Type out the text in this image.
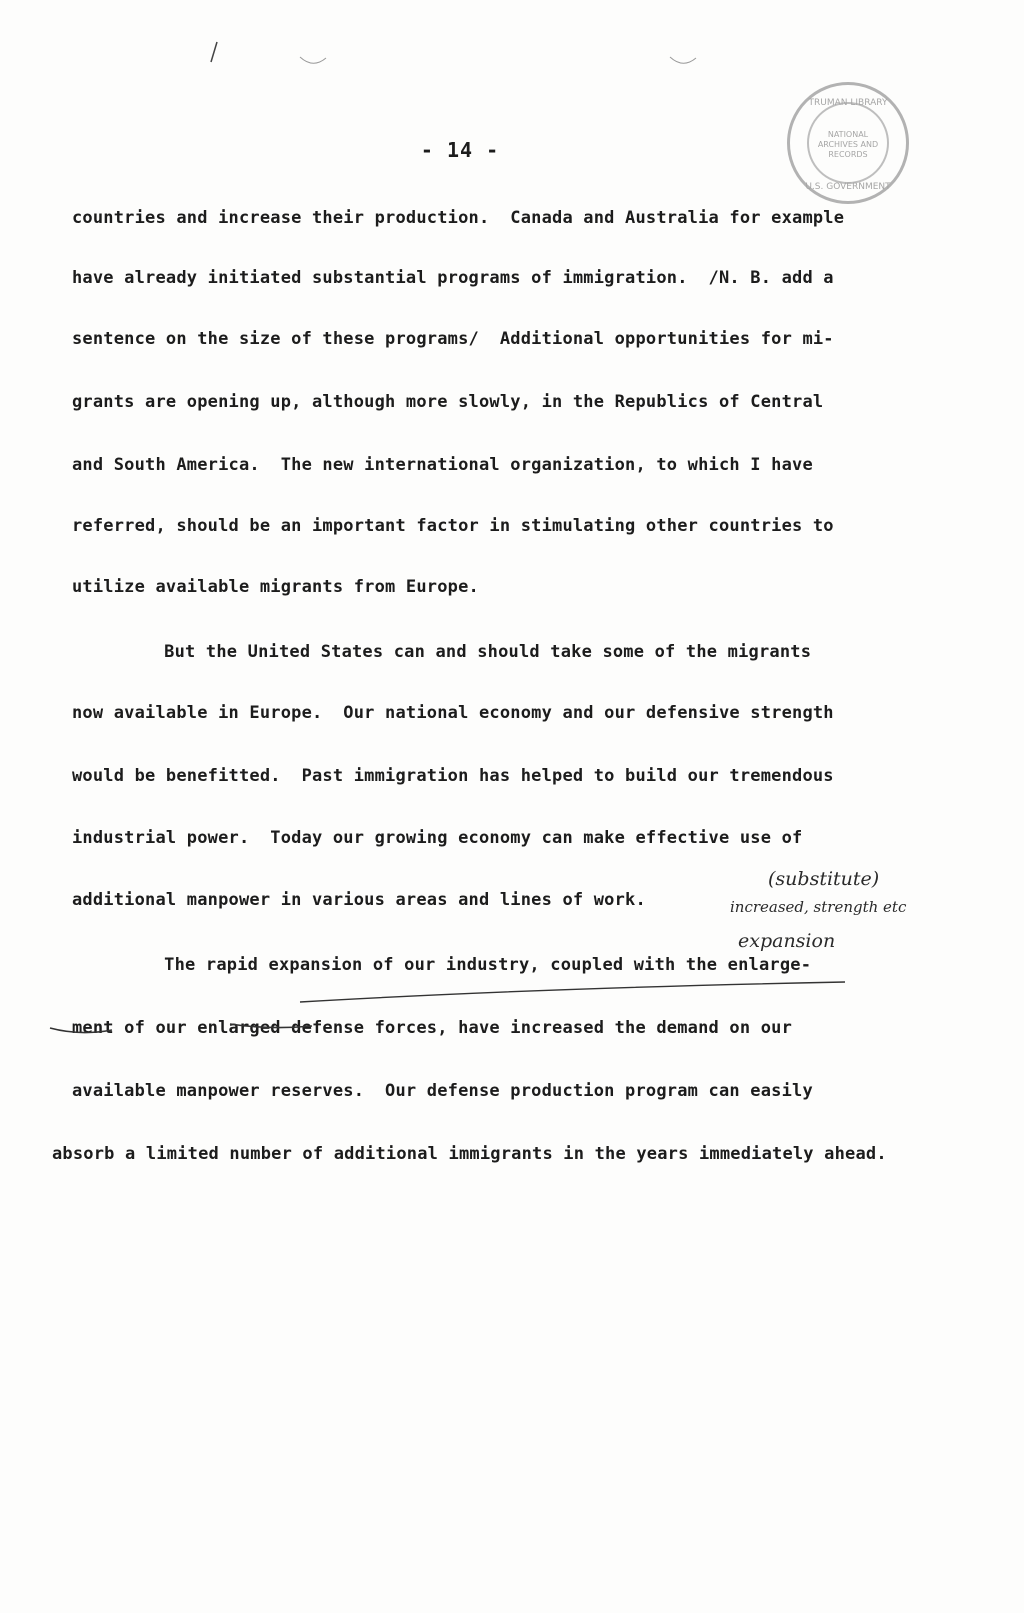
NATIONAL
ARCHIVES AND
RECORDS
TRUMAN LIBRARY
U.S. GOVERNMENT
- 14 -
countries and increase their production.  Canada and Australia for example
have already initiated substantial programs of immigration.  /N. B. add a
sentence on the size of these programs/  Additional opportunities for mi-
grants are opening up, although more slowly, in the Republics of Central
and South America.  The new international organization, to which I have
referred, should be an important factor in stimulating other countries to
utilize available migrants from Europe.
But the United States can and should take some of the migrants
now available in Europe.  Our national economy and our defensive strength
would be benefitted.  Past immigration has helped to build our tremendous
industrial power.  Today our growing economy can make effective use of
additional manpower in various areas and lines of work.
The rapid expansion of our industry, coupled with the enlarge-
ment of our enlarged defense forces, have increased the demand on our
available manpower reserves.  Our defense production program can easily
absorb a limited number of additional immigrants in the years immediately ahead.
(substitute)
increased, strength etc
expansion
